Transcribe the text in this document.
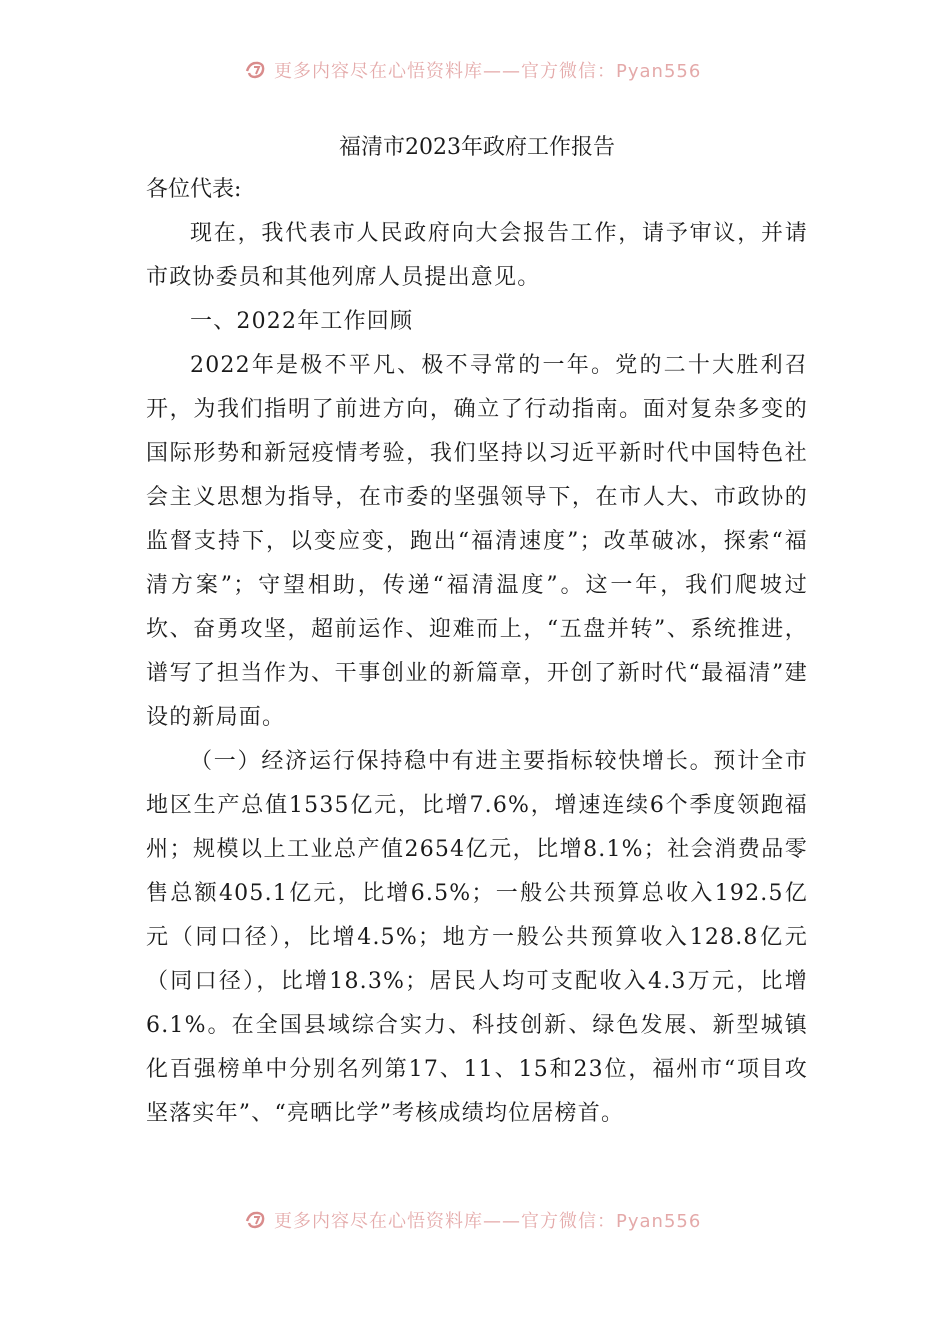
更多内容尽在心悟资料库——官方微信：Pyan556
福清市2023年政府工作报告

各位代表:

现在，我代表市人民政府向大会报告工作，请予审议，并请市政协委员和其他列席人员提出意见。

一、2022年工作回顾

2022年是极不平凡、极不寻常的一年。党的二十大胜利召开，为我们指明了前进方向，确立了行动指南。面对复杂多变的国际形势和新冠疫情考验，我们坚持以习近平新时代中国特色社会主义思想为指导，在市委的坚强领导下，在市人大、市政协的监督支持下，以变应变，跑出“福清速度”；改革破冰，探索“福清方案”；守望相助，传递“福清温度”。这一年，我们爬坡过坎、奋勇攻坚，超前运作、迎难而上，“五盘并转”、系统推进，谱写了担当作为、干事创业的新篇章，开创了新时代“最福清”建设的新局面。

（一）经济运行保持稳中有进主要指标较快增长。预计全市地区生产总值1535亿元，比增7.6%，增速连续6个季度领跑福州；规模以上工业总产值2654亿元，比增8.1%；社会消费品零售总额405.1亿元，比增6.5%；一般公共预算总收入192.5亿元（同口径），比增4.5%；地方一般公共预算收入128.8亿元（同口径），比增18.3%；居民人均可支配收入4.3万元，比增6.1%。在全国县域综合实力、科技创新、绿色发展、新型城镇化百强榜单中分别名列第17、11、15和23位，福州市“项目攻坚落实年”、“亮晒比学”考核成绩均位居榜首。

更多内容尽在心悟资料库——官方微信：Pyan556
